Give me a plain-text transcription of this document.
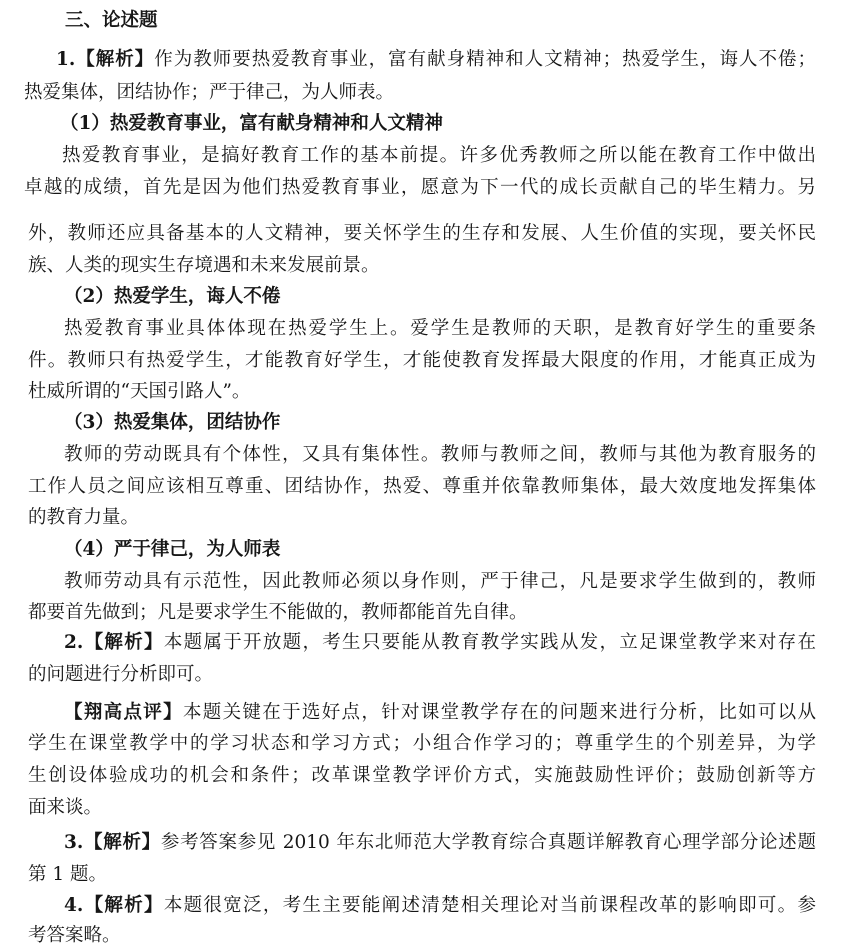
三、论述题

1.【解析】作为教师要热爱教育事业，富有献身精神和人文精神；热爱学生，诲人不倦；

热爱集体，团结协作；严于律己，为人师表。

（1）热爱教育事业，富有献身精神和人文精神

热爱教育事业，是搞好教育工作的基本前提。许多优秀教师之所以能在教育工作中做出

卓越的成绩，首先是因为他们热爱教育事业，愿意为下一代的成长贡献自己的毕生精力。另

外，教师还应具备基本的人文精神，要关怀学生的生存和发展、人生价值的实现，要关怀民

族、人类的现实生存境遇和未来发展前景。

（2）热爱学生，诲人不倦

热爱教育事业具体体现在热爱学生上。爱学生是教师的天职，是教育好学生的重要条

件。教师只有热爱学生，才能教育好学生，才能使教育发挥最大限度的作用，才能真正成为

杜威所谓的“天国引路人”。

（3）热爱集体，团结协作

教师的劳动既具有个体性，又具有集体性。教师与教师之间，教师与其他为教育服务的

工作人员之间应该相互尊重、团结协作，热爱、尊重并依靠教师集体，最大效度地发挥集体

的教育力量。

（4）严于律己，为人师表

教师劳动具有示范性，因此教师必须以身作则，严于律己，凡是要求学生做到的，教师

都要首先做到；凡是要求学生不能做的，教师都能首先自律。

2.【解析】本题属于开放题，考生只要能从教育教学实践从发，立足课堂教学来对存在

的问题进行分析即可。

【翔高点评】本题关键在于选好点，针对课堂教学存在的问题来进行分析，比如可以从

学生在课堂教学中的学习状态和学习方式；小组合作学习的；尊重学生的个别差异，为学

生创设体验成功的机会和条件；改革课堂教学评价方式，实施鼓励性评价；鼓励创新等方

面来谈。

3.【解析】参考答案参见 2010 年东北师范大学教育综合真题详解教育心理学部分论述题

第 1 题。

4.【解析】本题很宽泛，考生主要能阐述清楚相关理论对当前课程改革的影响即可。参

考答案略。
